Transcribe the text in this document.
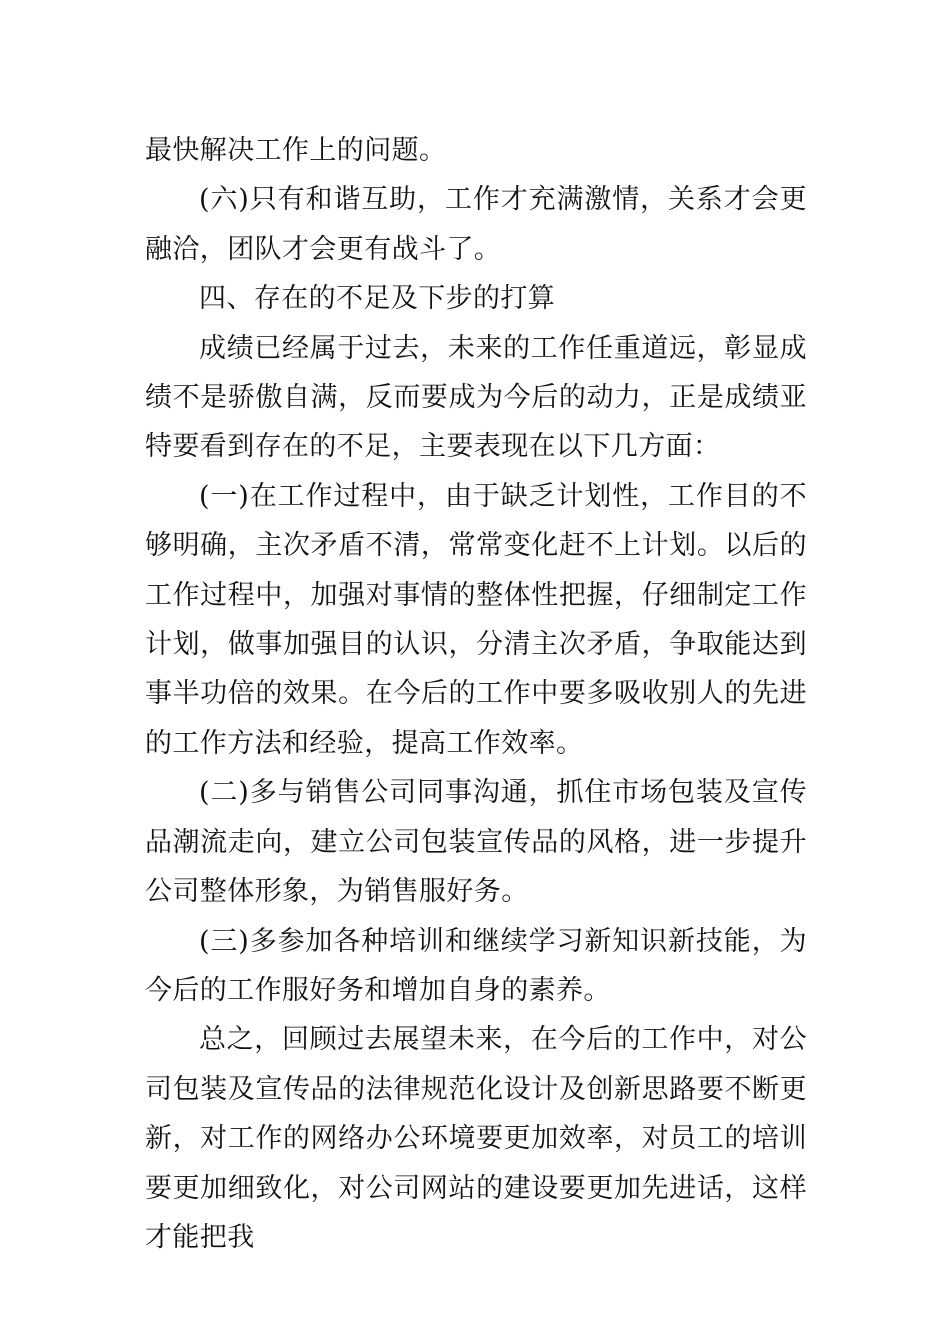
最快解决工作上的问题。

(六)只有和谐互助，工作才充满激情，关系才会更融洽，团队才会更有战斗了。

四、存在的不足及下步的打算

成绩已经属于过去，未来的工作任重道远，彰显成绩不是骄傲自满，反而要成为今后的动力，正是成绩亚特要看到存在的不足，主要表现在以下几方面：

(一)在工作过程中，由于缺乏计划性，工作目的不够明确，主次矛盾不清，常常变化赶不上计划。以后的工作过程中，加强对事情的整体性把握，仔细制定工作计划，做事加强目的认识，分清主次矛盾，争取能达到事半功倍的效果。在今后的工作中要多吸收别人的先进的工作方法和经验，提高工作效率。

(二)多与销售公司同事沟通，抓住市场包装及宣传品潮流走向，建立公司包装宣传品的风格，进一步提升公司整体形象，为销售服好务。

(三)多参加各种培训和继续学习新知识新技能，为今后的工作服好务和增加自身的素养。

总之，回顾过去展望未来，在今后的工作中，对公司包装及宣传品的法律规范化设计及创新思路要不断更新，对工作的网络办公环境要更加效率，对员工的培训要更加细致化，对公司网站的建设要更加先进话，这样才能把我
